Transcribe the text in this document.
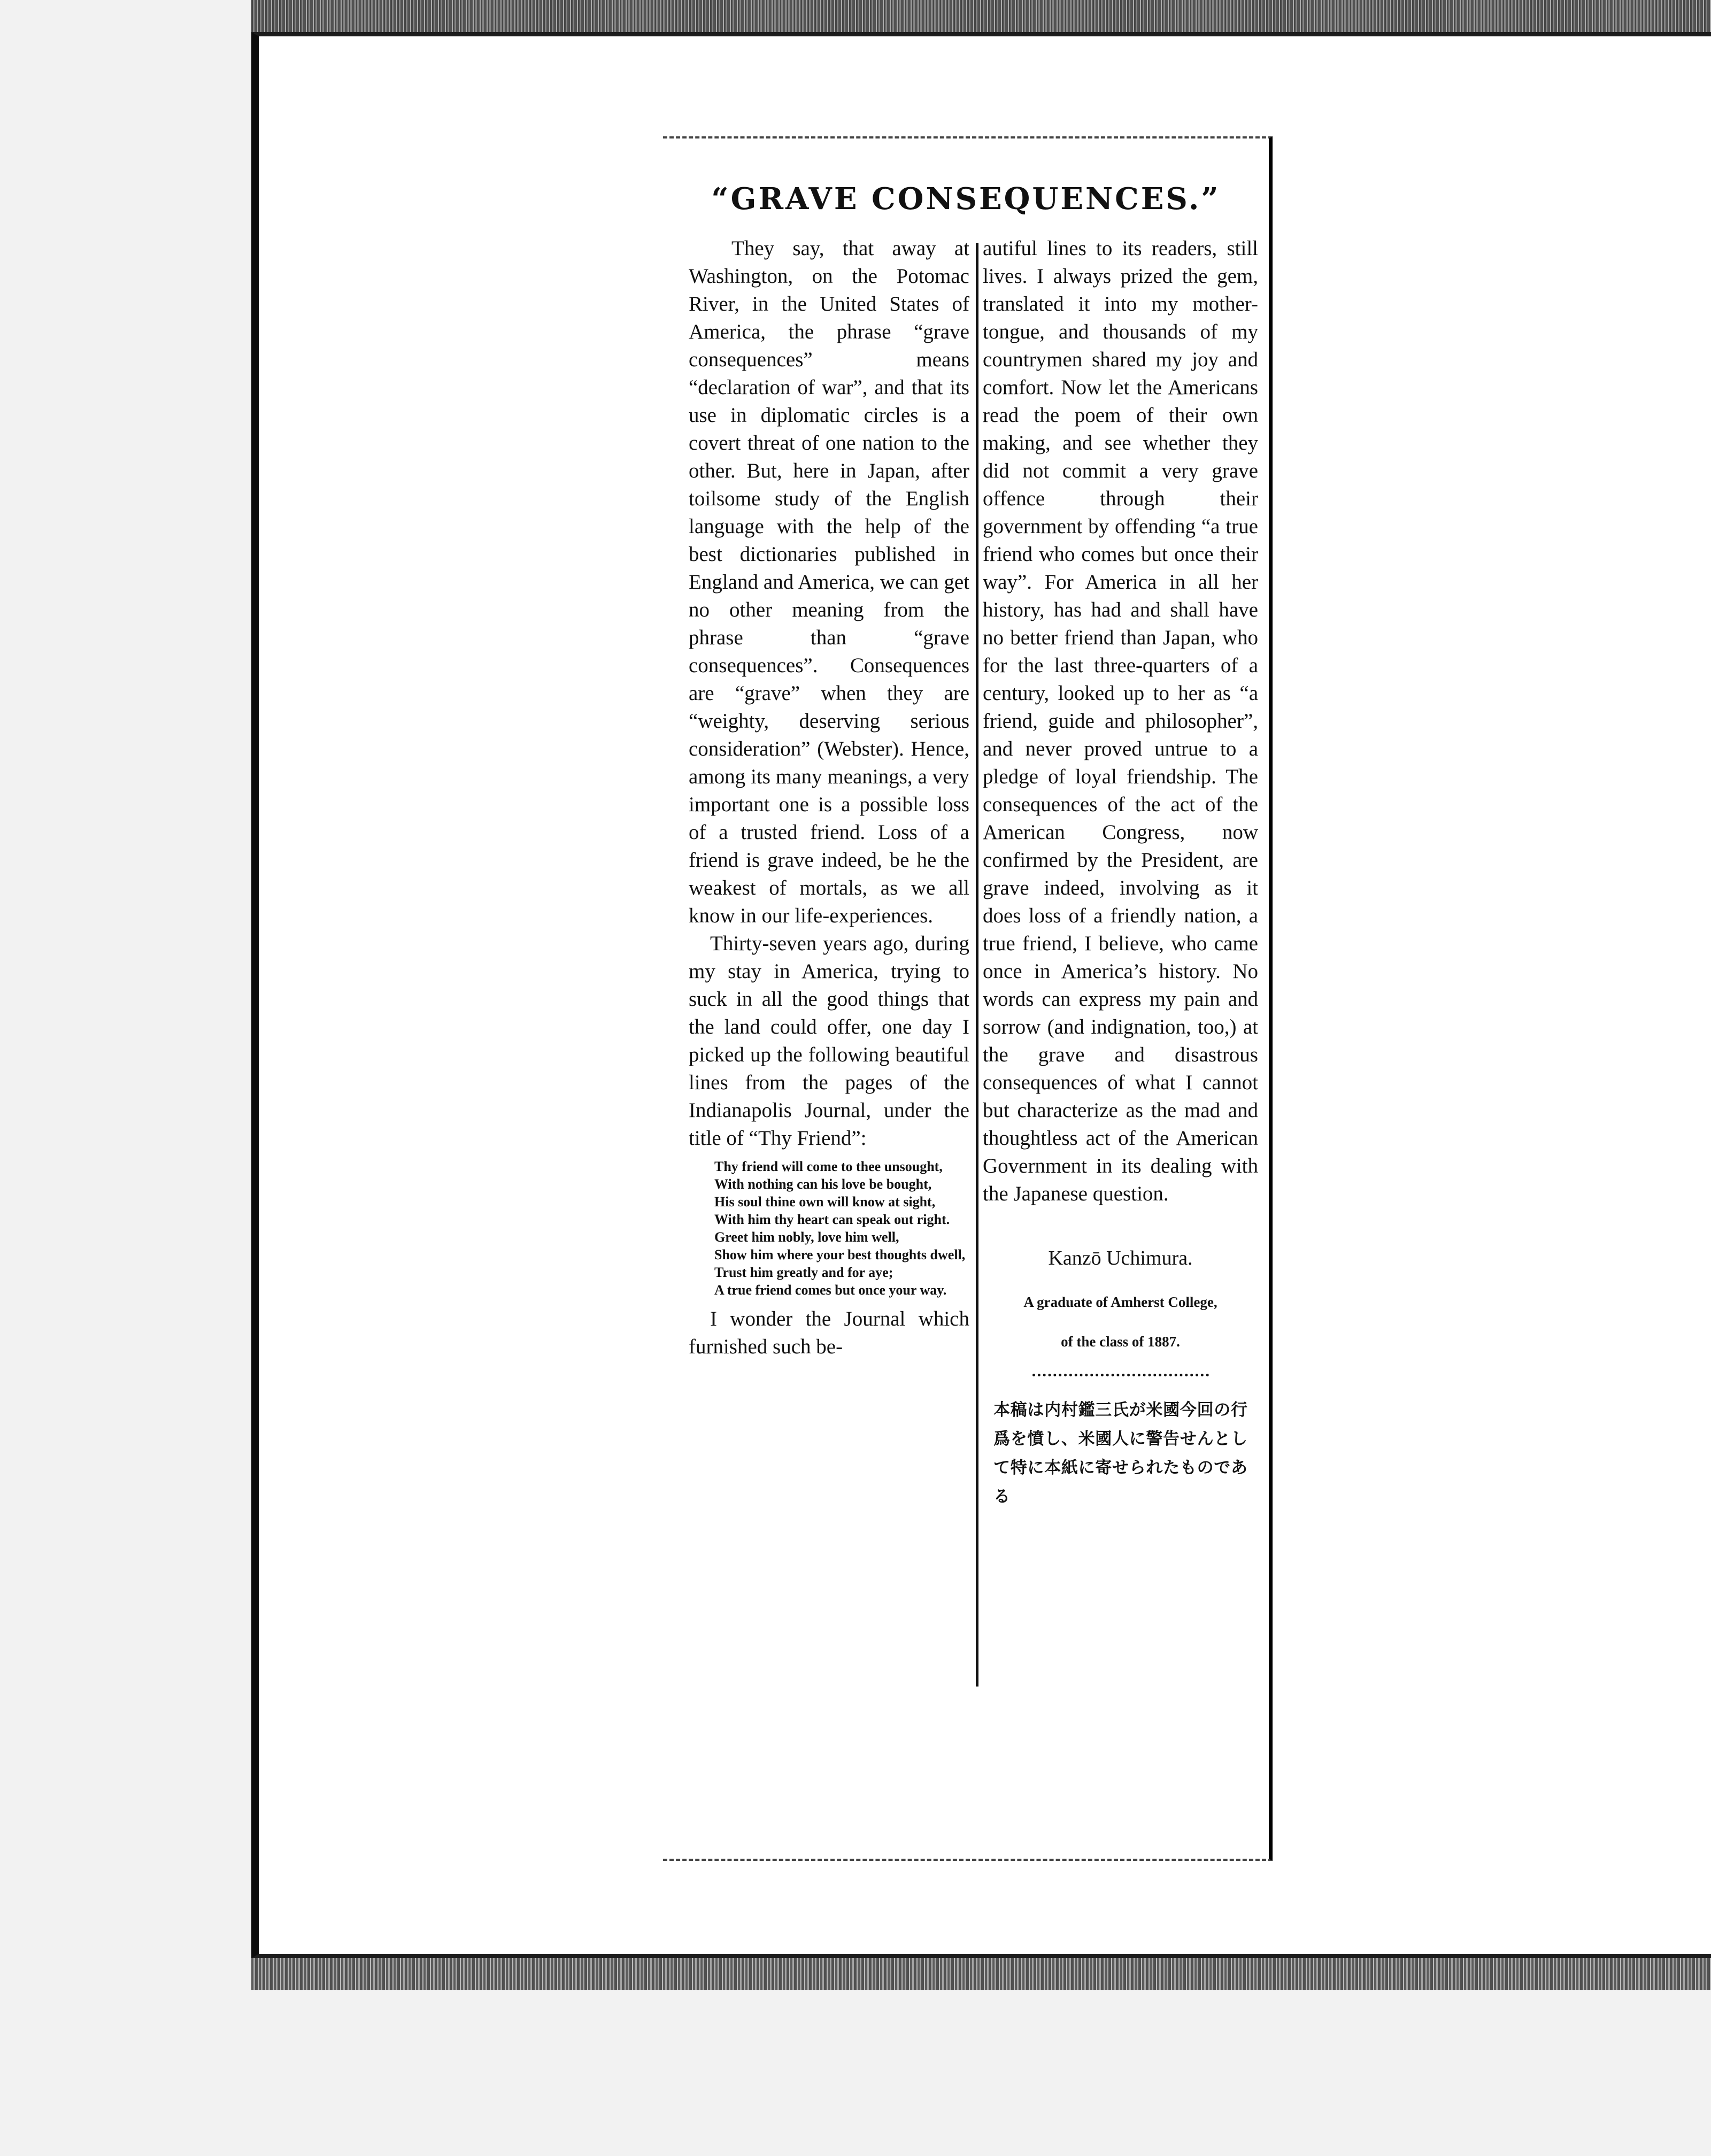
“GRAVE CONSEQUENCES.”

They say, that away at Washington, on the Potomac River, in the United States of America, the phrase “grave consequences” means “declaration of war”, and that its use in diplomatic circles is a covert threat of one nation to the other. But, here in Japan, after toilsome study of the English language with the help of the best dictionaries published in England and America, we can get no other meaning from the phrase than “grave consequences”. Consequences are “grave” when they are “weighty, deserving serious consideration” (Webster). Hence, among its many meanings, a very important one is a possible loss of a trusted friend. Loss of a friend is grave indeed, be he the weakest of mortals, as we all know in our life-experiences.

Thirty-seven years ago, during my stay in America, trying to suck in all the good things that the land could offer, one day I picked up the following beautiful lines from the pages of the Indianapolis Journal, under the title of “Thy Friend”:

Thy friend will come to thee unsought,
With nothing can his love be bought,
His soul thine own will know at sight,
With him thy heart can speak out right.
Greet him nobly, love him well,
Show him where your best thoughts dwell,
Trust him greatly and for aye;
A true friend comes but once your way.

I wonder the Journal which furnished such be-

autiful lines to its readers, still lives. I always prized the gem, translated it into my mother-tongue, and thousands of my countrymen shared my joy and comfort. Now let the Americans read the poem of their own making, and see whether they did not commit a very grave offence through their government by offending “a true friend who comes but once their way”. For America in all her history, has had and shall have no better friend than Japan, who for the last three-quarters of a century, looked up to her as “a friend, guide and philosopher”, and never proved untrue to a pledge of loyal friendship. The consequences of the act of the American Congress, now confirmed by the President, are grave indeed, involving as it does loss of a friendly nation, a true friend, I believe, who came once in America’s history. No words can express my pain and sorrow (and indignation, too,) at the grave and disastrous consequences of what I cannot but characterize as the mad and thoughtless act of the American Government in its dealing with the Japanese question.

Kanzō Uchimura.
A graduate of Amherst College,
of the class of 1887.
本稿は内村鑑三氏が米國今回の行爲を憤し、米國人に警告せんとして特に本紙に寄せられたものである
